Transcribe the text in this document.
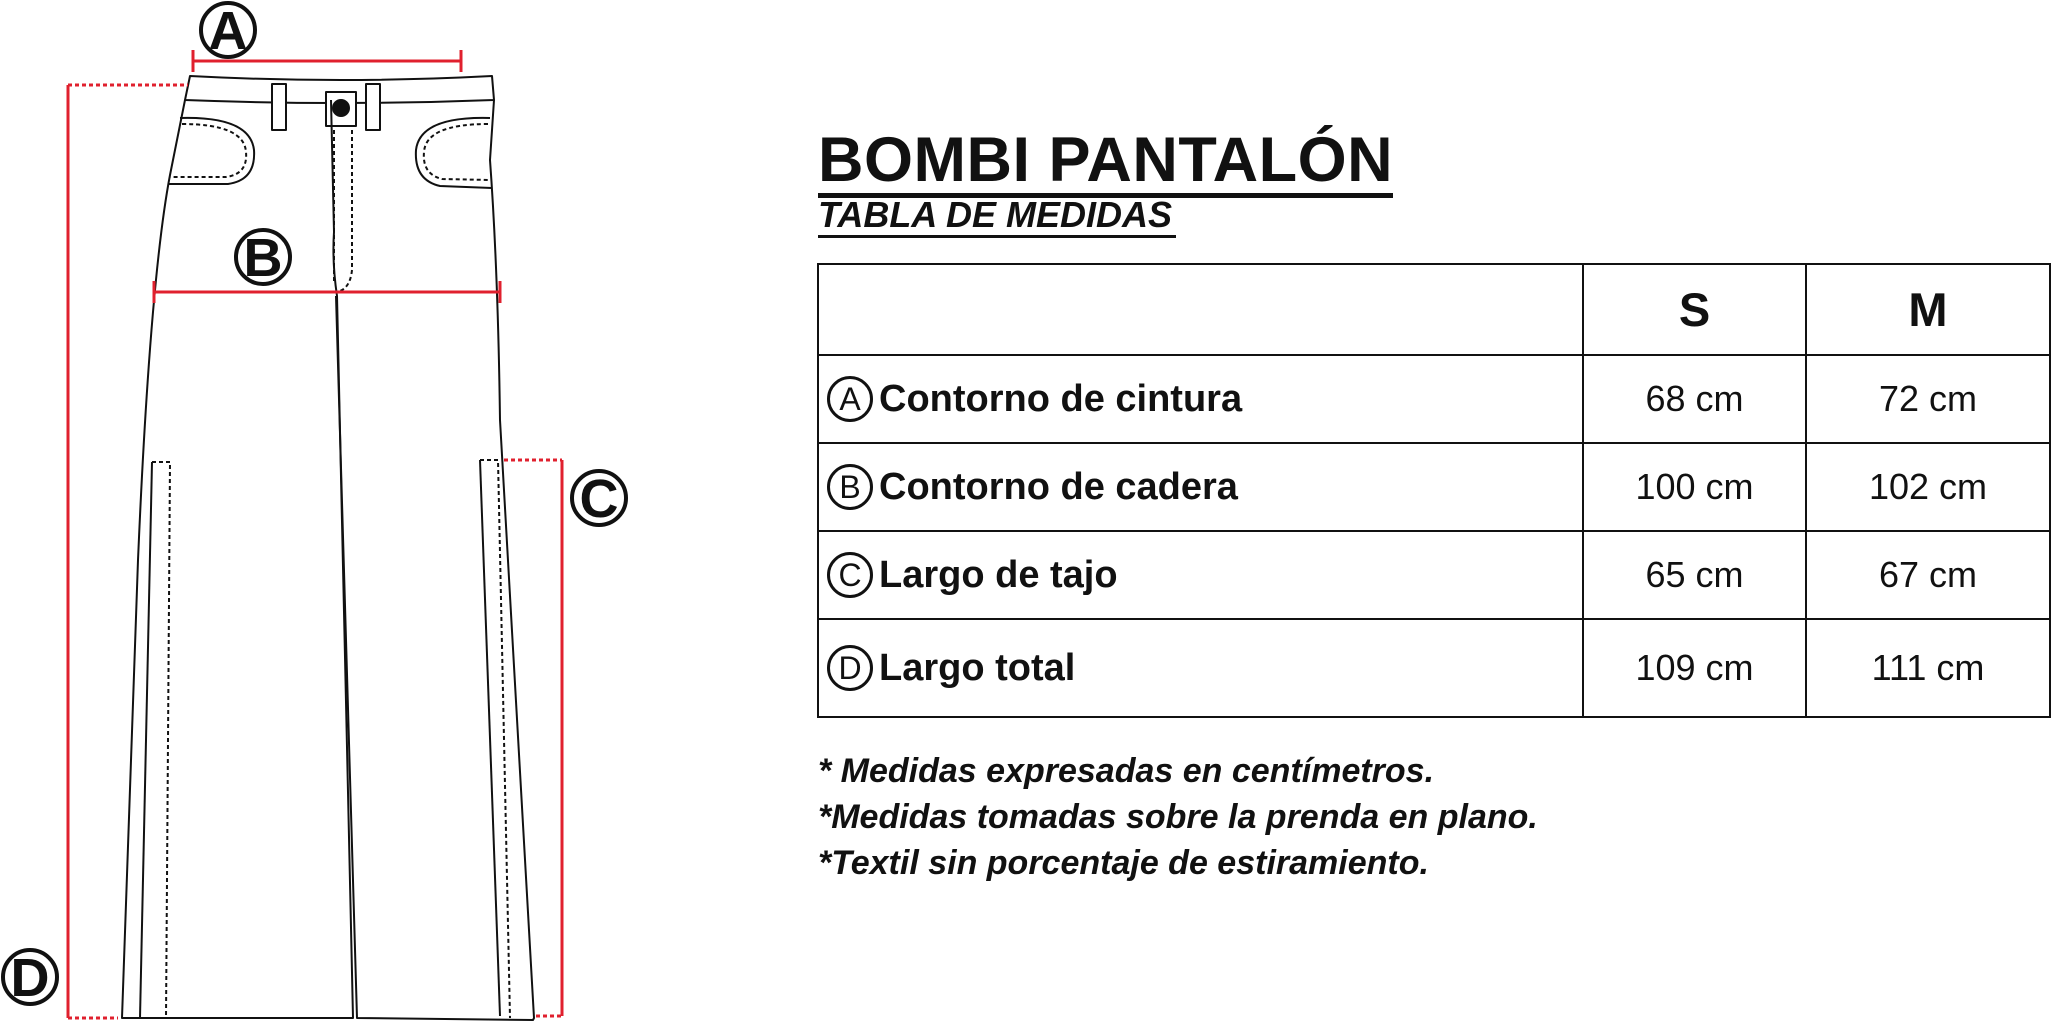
A
B
C
D
BOMBI PANTALÓN
TABLA DE MEDIDAS
	S	M

A Contorno de cintura	68 cm	72 cm

B Contorno de cadera	100 cm	102 cm

C Largo de tajo	65 cm	67 cm

D Largo total	109 cm	111 cm
* Medidas expresadas en centímetros.
*Medidas tomadas sobre la prenda en plano.
*Textil sin porcentaje de estiramiento.
